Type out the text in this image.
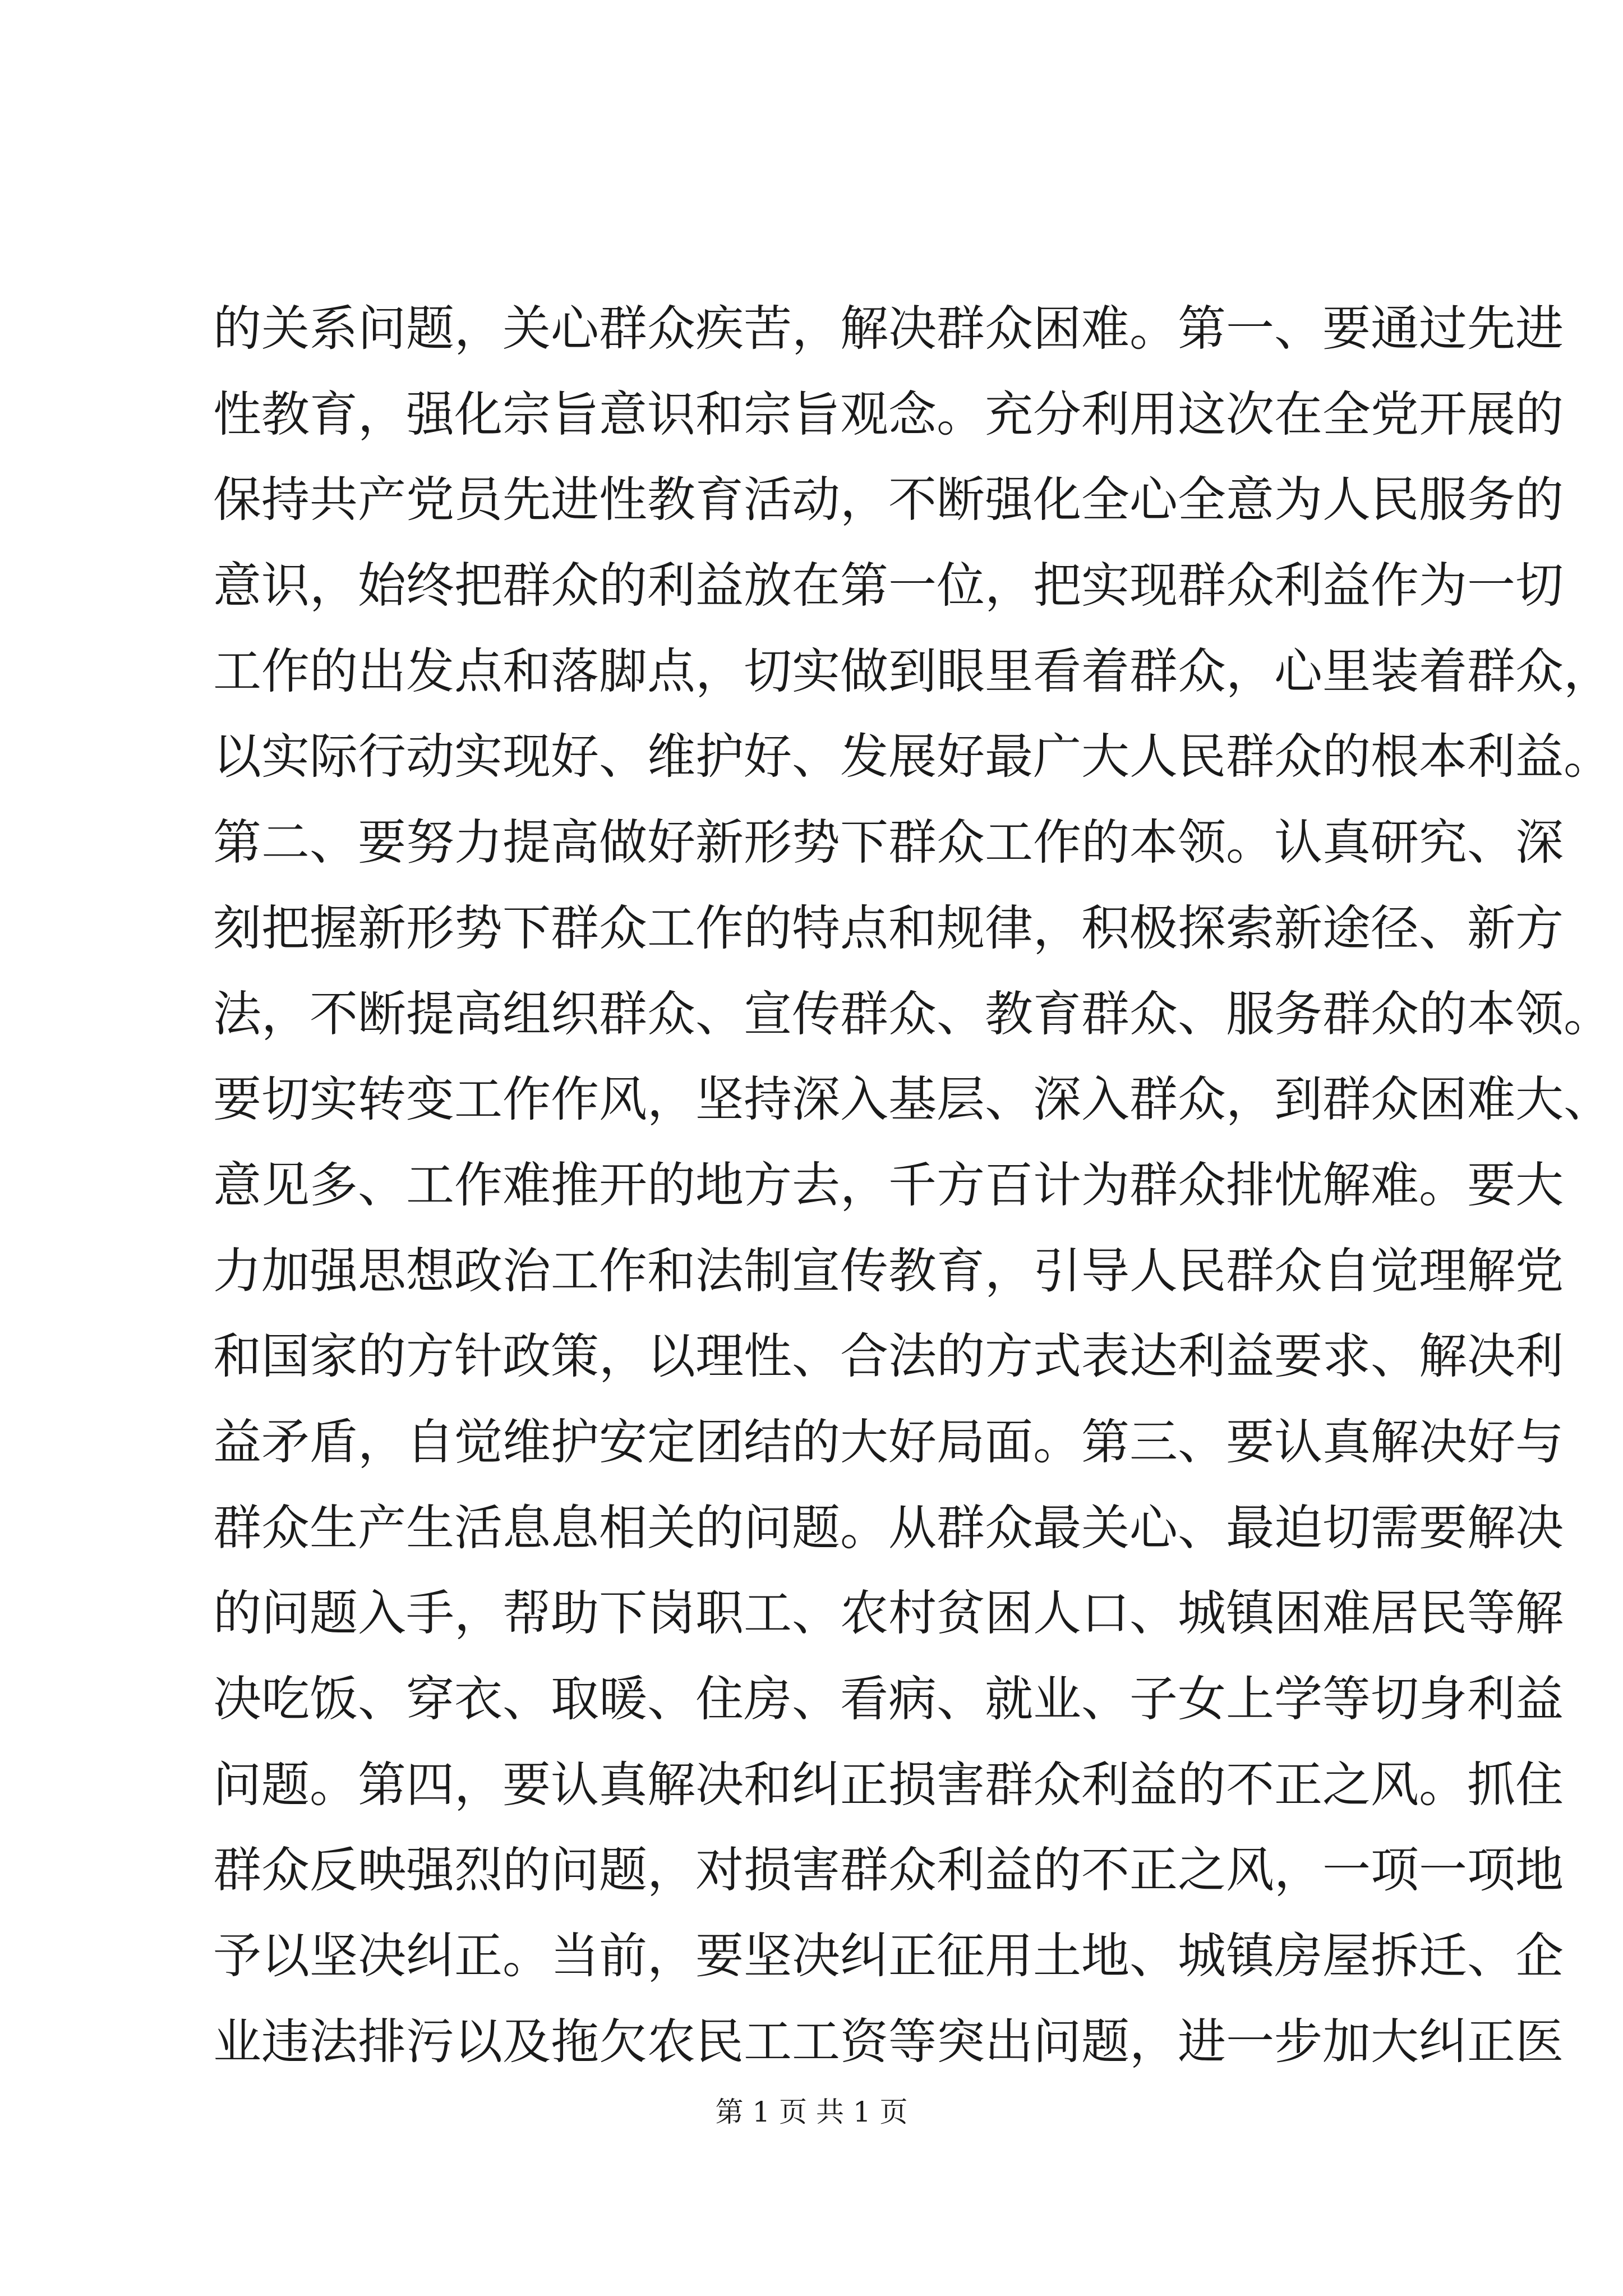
的关系问题，关心群众疾苦，解决群众困难。第一、要通过先进
性教育，强化宗旨意识和宗旨观念。充分利用这次在全党开展的
保持共产党员先进性教育活动，不断强化全心全意为人民服务的
意识，始终把群众的利益放在第一位，把实现群众利益作为一切
工作的出发点和落脚点，切实做到眼里看着群众，心里装着群众，
以实际行动实现好、维护好、发展好最广大人民群众的根本利益。
第二、要努力提高做好新形势下群众工作的本领。认真研究、深
刻把握新形势下群众工作的特点和规律，积极探索新途径、新方
法，不断提高组织群众、宣传群众、教育群众、服务群众的本领。
要切实转变工作作风，坚持深入基层、深入群众，到群众困难大、
意见多、工作难推开的地方去，千方百计为群众排忧解难。要大
力加强思想政治工作和法制宣传教育，引导人民群众自觉理解党
和国家的方针政策，以理性、合法的方式表达利益要求、解决利
益矛盾，自觉维护安定团结的大好局面。第三、要认真解决好与
群众生产生活息息相关的问题。从群众最关心、最迫切需要解决
的问题入手，帮助下岗职工、农村贫困人口、城镇困难居民等解
决吃饭、穿衣、取暖、住房、看病、就业、子女上学等切身利益
问题。第四，要认真解决和纠正损害群众利益的不正之风。抓住
群众反映强烈的问题，对损害群众利益的不正之风，一项一项地
予以坚决纠正。当前，要坚决纠正征用土地、城镇房屋拆迁、企
业违法排污以及拖欠农民工工资等突出问题，进一步加大纠正医
第 1 页 共 1 页
